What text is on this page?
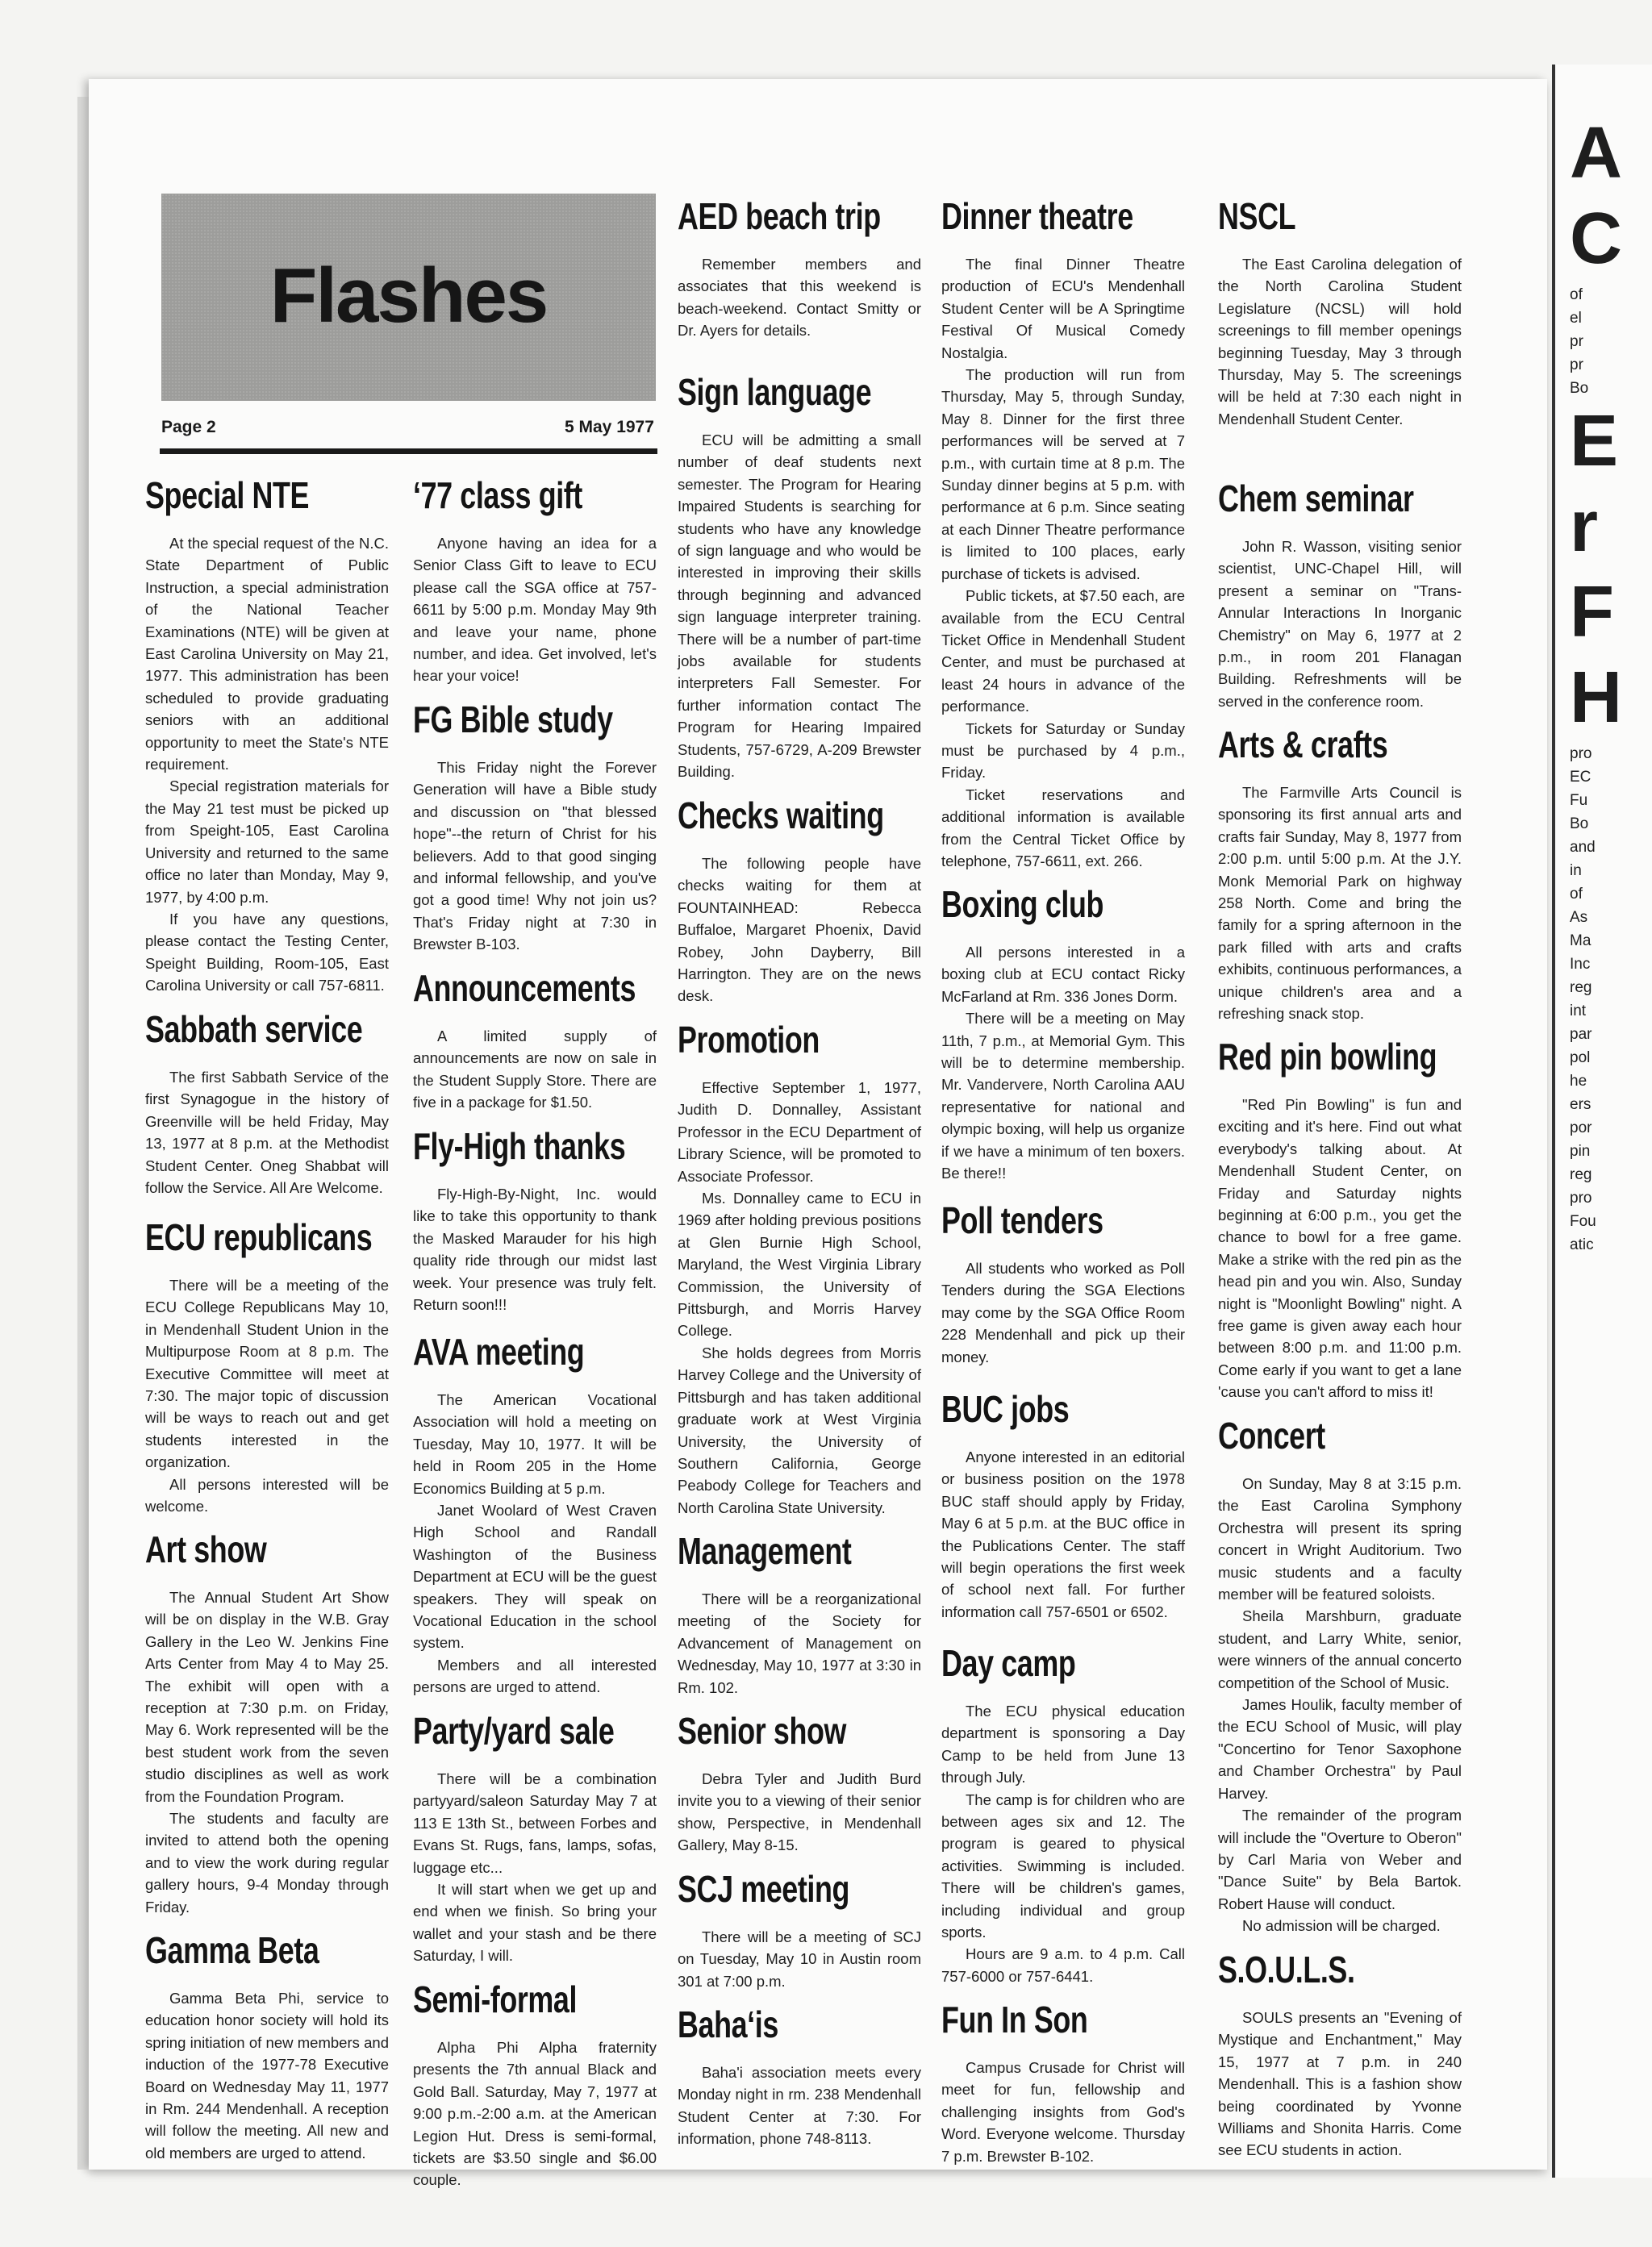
Flashes
Page 2	5 May 1977
Special NTE

At the special request of the N.C. State Department of Public Instruction, a special administration of the National Teacher Examinations (NTE) will be given at East Carolina University on May 21, 1977. This administration has been scheduled to provide graduating seniors with an additional opportunity to meet the State's NTE requirement.

Special registration materials for the May 21 test must be picked up from Speight-105, East Carolina University and returned to the same office no later than Monday, May 9, 1977, by 4:00 p.m.

If you have any questions, please contact the Testing Center, Speight Building, Room-105, East Carolina University or call 757-6811.

Sabbath service

The first Sabbath Service of the first Synagogue in the history of Greenville will be held Friday, May 13, 1977 at 8 p.m. at the Methodist Student Center. Oneg Shabbat will follow the Service. All Are Welcome.

ECU republicans

There will be a meeting of the ECU College Republicans May 10, in Mendenhall Student Union in the Multipurpose Room at 8 p.m. The Executive Committee will meet at 7:30. The major topic of discussion will be ways to reach out and get students interested in the organization.

All persons interested will be welcome.

Art show

The Annual Student Art Show will be on display in the W.B. Gray Gallery in the Leo W. Jenkins Fine Arts Center from May 4 to May 25. The exhibit will open with a reception at 7:30 p.m. on Friday, May 6. Work represented will be the best student work from the seven studio disciplines as well as work from the Foundation Program.

The students and faculty are invited to attend both the opening and to view the work during regular gallery hours, 9-4 Monday through Friday.

Gamma Beta

Gamma Beta Phi, service to education honor society will hold its spring initiation of new members and induction of the 1977-78 Executive Board on Wednesday May 11, 1977 in Rm. 244 Mendenhall. A reception will follow the meeting. All new and old members are urged to attend.

‘77 class gift

Anyone having an idea for a Senior Class Gift to leave to ECU please call the SGA office at 757-6611 by 5:00 p.m. Monday May 9th and leave your name, phone number, and idea. Get involved, let's hear your voice!

FG Bible study

This Friday night the Forever Generation will have a Bible study and discussion on "that blessed hope"--the return of Christ for his believers. Add to that good singing and informal fellowship, and you've got a good time! Why not join us? That's Friday night at 7:30 in Brewster B-103.

Announcements

A limited supply of announcements are now on sale in the Student Supply Store. There are five in a package for $1.50.

Fly-High thanks

Fly-High-By-Night, Inc. would like to take this opportunity to thank the Masked Marauder for his high quality ride through our midst last week. Your presence was truly felt. Return soon!!!

AVA meeting

The American Vocational Association will hold a meeting on Tuesday, May 10, 1977. It will be held in Room 205 in the Home Economics Building at 5 p.m.

Janet Woolard of West Craven High School and Randall Washington of the Business Department at ECU will be the guest speakers. They will speak on Vocational Education in the school system.

Members and all interested persons are urged to attend.

Party/yard sale

There will be a combination partyyard/saleon Saturday May 7 at 113 E 13th St., between Forbes and Evans St. Rugs, fans, lamps, sofas, luggage etc...

It will start when we get up and end when we finish. So bring your wallet and your stash and be there Saturday, I will.

Semi-formal

Alpha Phi Alpha fraternity presents the 7th annual Black and Gold Ball. Saturday, May 7, 1977 at 9:00 p.m.-2:00 a.m. at the American Legion Hut. Dress is semi-formal, tickets are $3.50 single and $6.00 couple.

AED beach trip

Remember members and associates that this weekend is beach-weekend. Contact Smitty or Dr. Ayers for details.

Sign language

ECU will be admitting a small number of deaf students next semester. The Program for Hearing Impaired Students is searching for students who have any knowledge of sign language and who would be interested in improving their skills through beginning and advanced sign language interpreter training. There will be a number of part-time jobs available for students interpreters Fall Semester. For further information contact The Program for Hearing Impaired Students, 757-6729, A-209 Brewster Building.

Checks waiting

The following people have checks waiting for them at FOUNTAINHEAD: Rebecca Buffaloe, Margaret Phoenix, David Robey, John Dayberry, Bill Harrington. They are on the news desk.

Promotion

Effective September 1, 1977, Judith D. Donnalley, Assistant Professor in the ECU Department of Library Science, will be promoted to Associate Professor.

Ms. Donnalley came to ECU in 1969 after holding previous positions at Glen Burnie High School, Maryland, the West Virginia Library Commission, the University of Pittsburgh, and Morris Harvey College.

She holds degrees from Morris Harvey College and the University of Pittsburgh and has taken additional graduate work at West Virginia University, the University of Southern California, George Peabody College for Teachers and North Carolina State University.

Management

There will be a reorganizational meeting of the Society for Advancement of Management on Wednesday, May 10, 1977 at 3:30 in Rm. 102.

Senior show

Debra Tyler and Judith Burd invite you to a viewing of their senior show, Perspective, in Mendenhall Gallery, May 8-15.

SCJ meeting

There will be a meeting of SCJ on Tuesday, May 10 in Austin room 301 at 7:00 p.m.

Baha‘is

Baha'i association meets every Monday night in rm. 238 Mendenhall Student Center at 7:30. For information, phone 748-8113.

Dinner theatre

The final Dinner Theatre production of ECU's Mendenhall Student Center will be A Springtime Festival Of Musical Comedy Nostalgia.

The production will run from Thursday, May 5, through Sunday, May 8. Dinner for the first three performances will be served at 7 p.m., with curtain time at 8 p.m. The Sunday dinner begins at 5 p.m. with performance at 6 p.m. Since seating at each Dinner Theatre performance is limited to 100 places, early purchase of tickets is advised.

Public tickets, at $7.50 each, are available from the ECU Central Ticket Office in Mendenhall Student Center, and must be purchased at least 24 hours in advance of the performance.

Tickets for Saturday or Sunday must be purchased by 4 p.m., Friday.

Ticket reservations and additional information is available from the Central Ticket Office by telephone, 757-6611, ext. 266.

Boxing club

All persons interested in a boxing club at ECU contact Ricky McFarland at Rm. 336 Jones Dorm.

There will be a meeting on May 11th, 7 p.m., at Memorial Gym. This will be to determine membership. Mr. Vandervere, North Carolina AAU representative for national and olympic boxing, will help us organize if we have a minimum of ten boxers. Be there!!

Poll tenders

All students who worked as Poll Tenders during the SGA Elections may come by the SGA Office Room 228 Mendenhall and pick up their money.

BUC jobs

Anyone interested in an editorial or business position on the 1978 BUC staff should apply by Friday, May 6 at 5 p.m. at the BUC office in the Publications Center. The staff will begin operations the first week of school next fall. For further information call 757-6501 or 6502.

Day camp

The ECU physical education department is sponsoring a Day Camp to be held from June 13 through July.

The camp is for children who are between ages six and 12. The program is geared to physical activities. Swimming is included. There will be children's games, including individual and group sports.

Hours are 9 a.m. to 4 p.m. Call 757-6000 or 757-6441.

Fun In Son

Campus Crusade for Christ will meet for fun, fellowship and challenging insights from God's Word. Everyone welcome. Thursday 7 p.m. Brewster B-102.

NSCL

The East Carolina delegation of the North Carolina Student Legislature (NCSL) will hold screenings to fill member openings beginning Tuesday, May 3 through Thursday, May 5. The screenings will be held at 7:30 each night in Mendenhall Student Center.

Chem seminar

John R. Wasson, visiting senior scientist, UNC-Chapel Hill, will present a seminar on "Trans-Annular Interactions In Inorganic Chemistry" on May 6, 1977 at 2 p.m., in room 201 Flanagan Building. Refreshments will be served in the conference room.

Arts & crafts

The Farmville Arts Council is sponsoring its first annual arts and crafts fair Sunday, May 8, 1977 from 2:00 p.m. until 5:00 p.m. At the J.Y. Monk Memorial Park on highway 258 North. Come and bring the family for a spring afternoon in the park filled with arts and crafts exhibits, continuous performances, a unique children's area and a refreshing snack stop.

Red pin bowling

"Red Pin Bowling" is fun and exciting and it's here. Find out what everybody's talking about. At Mendenhall Student Center, on Friday and Saturday nights beginning at 6:00 p.m., you get the chance to bowl for a free game. Make a strike with the red pin as the head pin and you win. Also, Sunday night is "Moonlight Bowling" night. A free game is given away each hour between 8:00 p.m. and 11:00 p.m. Come early if you want to get a lane 'cause you can't afford to miss it!

Concert

On Sunday, May 8 at 3:15 p.m. the East Carolina Symphony Orchestra will present its spring concert in Wright Auditorium. Two music students and a faculty member will be featured soloists.

Sheila Marshburn, graduate student, and Larry White, senior, were winners of the annual concerto competition of the School of Music.

James Houlik, faculty member of the ECU School of Music, will play "Concertino for Tenor Saxophone and Chamber Orchestra" by Paul Harvey.

The remainder of the program will include the "Overture to Oberon" by Carl Maria von Weber and "Dance Suite" by Bela Bartok. Robert Hause will conduct.

No admission will be charged.

S.O.U.L.S.

SOULS presents an "Evening of Mystique and Enchantment," May 15, 1977 at 7 p.m. in 240 Mendenhall. This is a fashion show being coordinated by Yvonne Williams and Shonita Harris. Come see ECU students in action.

A
C
of
el
pr
pr
Bo
E
r
F
H
pro
EC
Fu
Bo
and
in
of
As
Ma
Inc
reg
int
par
pol
he
ers
por
pin
reg
pro
Fou
atic
